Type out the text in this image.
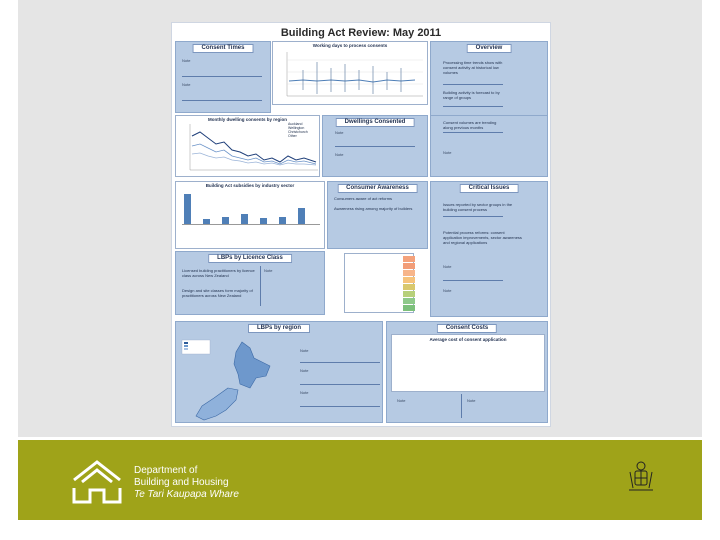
Building Act Review: May 2011
Consent Times
Note
Note
Working days to process consents	Overview
Processing time trends show with consent activity at historical low volumes
Building activity is forecast to by range of groups
Monthly dwelling consents by region
Auckland
Wellington
Christchurch
Other
Dwellings Consented
Note
Note
Consent volumes are trending along previous months
Note
Building Act subsidies by industry sector	Consumer Awareness
Consumers aware of act reforms
Awareness rising among majority of builders
Critical Issues
Issues reported by sector groups in the building consent process
Potential process reforms: consent application improvements, sector awareness and regional applications
Note
Note
LBPs by Licence Class
Licensed building practitioners by licence class across New Zealand
Design and site classes form majority of practitioners across New Zealand
Note
LBPs by region
Note
Note
Note
Consent Costs
Average cost of consent application
Note	Note
Department of
Building and Housing
Te Tari Kaupapa Whare
